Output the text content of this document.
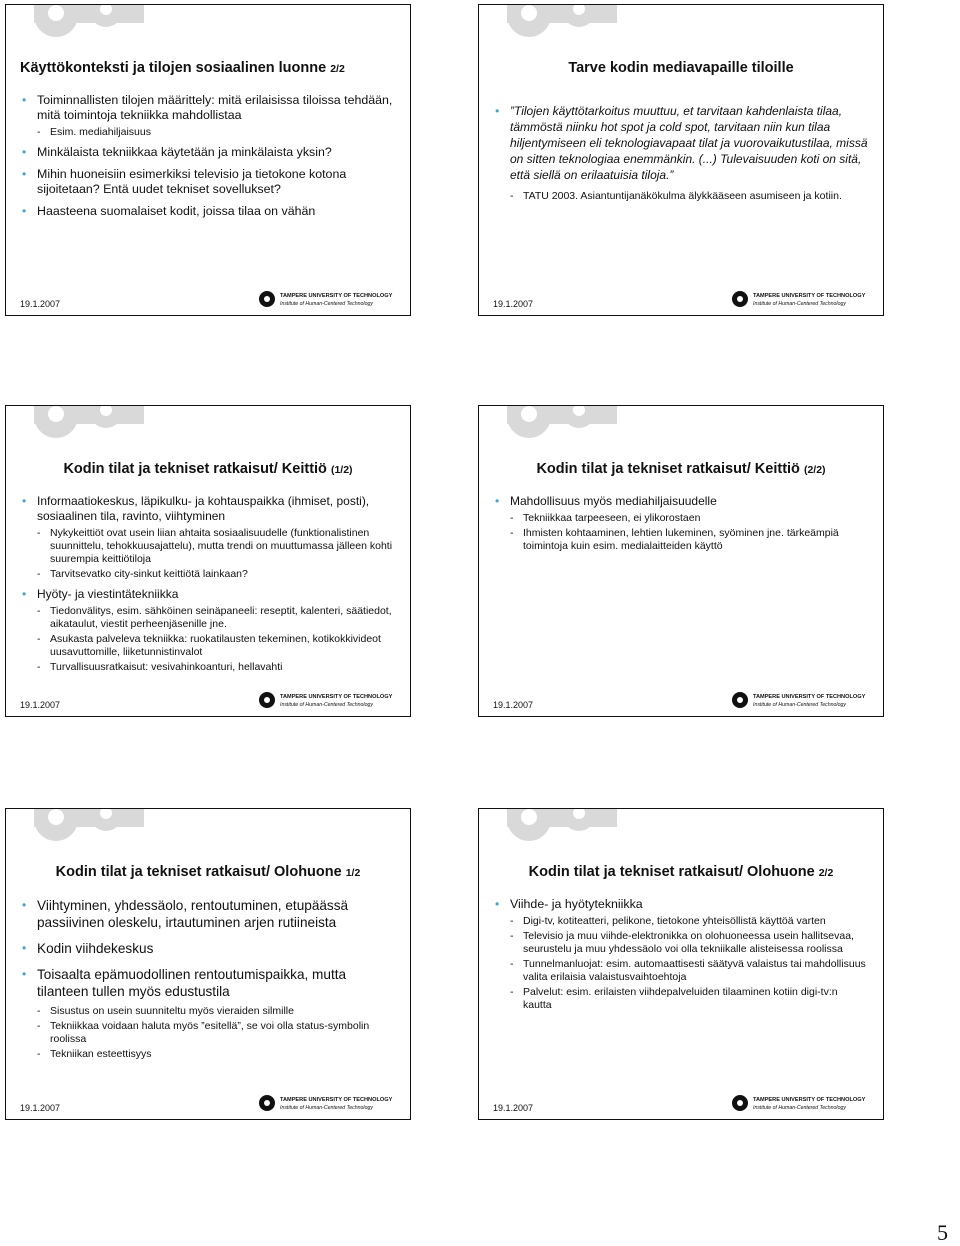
Käyttökonteksti ja tilojen sosiaalinen luonne 2/2
• Toiminnallisten tilojen määrittely: mitä erilaisissa tiloissa tehdään, mitä toimintoja tekniikka mahdollistaa
- Esim. mediahiljaisuus
• Minkälaista tekniikkaa käytetään ja minkälaista yksin?
• Mihin huoneisiin esimerkiksi televisio ja tietokone kotona sijoitetaan? Entä uudet tekniset sovellukset?
• Haasteena suomalaiset kodit, joissa tilaa on vähän
19.1.2007
TAMPERE UNIVERSITY OF TECHNOLOGY
Institute of Human-Centered Technology
Tarve kodin mediavapaille tiloille
• ”Tilojen käyttötarkoitus muuttuu, et tarvitaan kahdenlaista tilaa, tämmöstä niinku hot spot ja cold spot, tarvitaan niin kun tilaa hiljentymiseen eli teknologiavapaat tilat ja vuorovaikutustilaa, missä on sitten teknologiaa enemmänkin. (...) Tulevaisuuden koti on sitä, että siellä on erilaatuisia tiloja.”
- TATU 2003. Asiantuntijanäkökulma älykkääseen asumiseen ja kotiin.
19.1.2007
TAMPERE UNIVERSITY OF TECHNOLOGY
Institute of Human-Centered Technology
Kodin tilat ja tekniset ratkaisut/ Keittiö (1/2)
• Informaatiokeskus, läpikulku- ja kohtauspaikka (ihmiset, posti), sosiaalinen tila, ravinto, viihtyminen
- Nykykeittiöt ovat usein liian ahtaita sosiaalisuudelle (funktionalistinen suunnittelu, tehokkuusajattelu), mutta trendi on muuttumassa jälleen kohti suurempia keittiötiloja
- Tarvitsevatko city-sinkut keittiötä lainkaan?
• Hyöty- ja viestintätekniikka
- Tiedonvälitys, esim. sähköinen seinäpaneeli: reseptit, kalenteri, säätiedot, aikataulut, viestit perheenjäsenille jne.
- Asukasta palveleva tekniikka: ruokatilausten tekeminen, kotikokkivideot uusavuttomille, liiketunnistinvalot
- Turvallisuusratkaisut: vesivahinkoanturi, hellavahti
19.1.2007
TAMPERE UNIVERSITY OF TECHNOLOGY
Institute of Human-Centered Technology
Kodin tilat ja tekniset ratkaisut/ Keittiö (2/2)
• Mahdollisuus myös mediahiljaisuudelle
- Tekniikkaa tarpeeseen, ei ylikorostaen
- Ihmisten kohtaaminen, lehtien lukeminen, syöminen jne. tärkeämpiä toimintoja kuin esim. medialaitteiden käyttö
19.1.2007
TAMPERE UNIVERSITY OF TECHNOLOGY
Institute of Human-Centered Technology
Kodin tilat ja tekniset ratkaisut/ Olohuone 1/2
• Viihtyminen, yhdessäolo, rentoutuminen, etupäässä passiivinen oleskelu, irtautuminen arjen rutiineista
• Kodin viihdekeskus
• Toisaalta epämuodollinen rentoutumispaikka, mutta tilanteen tullen myös edustustila
- Sisustus on usein suunniteltu myös vieraiden silmille
- Tekniikkaa voidaan haluta myös ”esitellä”, se voi olla status-symbolin roolissa
- Tekniikan esteettisyys
19.1.2007
TAMPERE UNIVERSITY OF TECHNOLOGY
Institute of Human-Centered Technology
Kodin tilat ja tekniset ratkaisut/ Olohuone 2/2
• Viihde- ja hyötytekniikka
- Digi-tv, kotiteatteri, pelikone, tietokone yhteisöllistä käyttöä varten
- Televisio ja muu viihde-elektronikka on olohuoneessa usein hallitsevaa, seurustelu ja muu yhdessäolo voi olla tekniikalle alisteisessa roolissa
- Tunnelmanluojat: esim. automaattisesti säätyvä valaistus tai mahdollisuus valita erilaisia valaistusvaihtoehtoja
- Palvelut: esim. erilaisten viihdepalveluiden tilaaminen kotiin digi-tv:n kautta
19.1.2007
TAMPERE UNIVERSITY OF TECHNOLOGY
Institute of Human-Centered Technology
5
